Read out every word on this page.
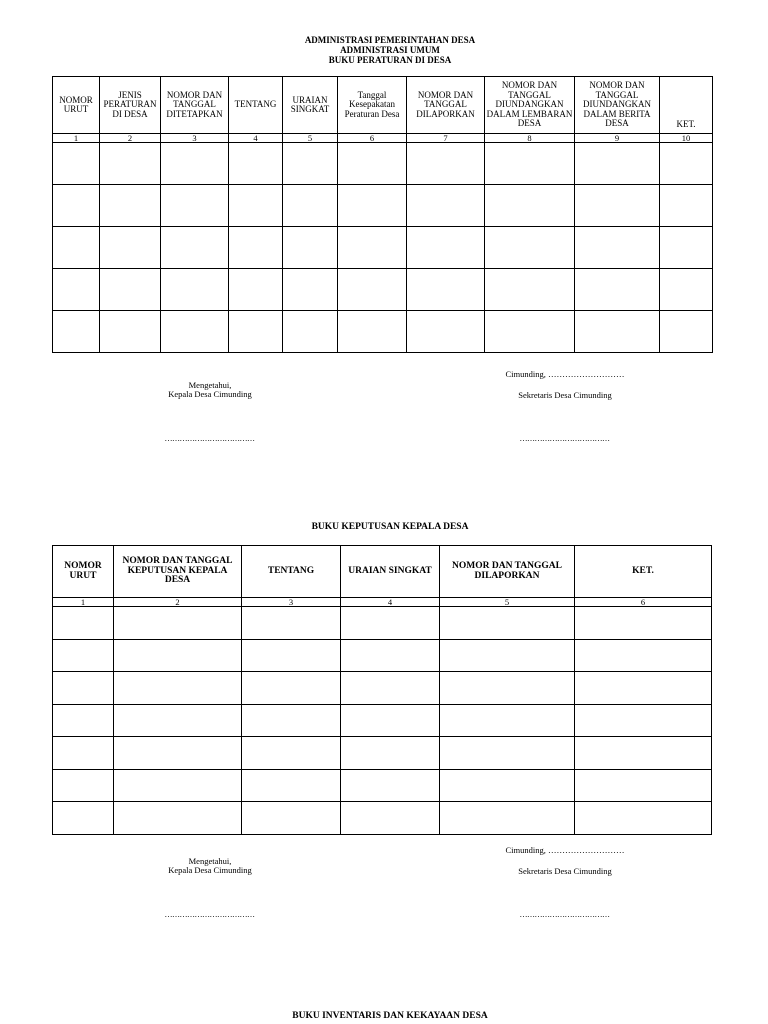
ADMINISTRASI PEMERINTAHAN DESA
ADMINISTRASI UMUM
BUKU PERATURAN DI DESA
NOMOR URUT	JENIS PERATURAN DI DESA	NOMOR DAN TANGGAL DITETAPKAN	TENTANG	URAIAN SINGKAT	Tanggal Kesepakatan Peraturan Desa	NOMOR DAN TANGGAL DILAPORKAN	NOMOR DAN TANGGAL DIUNDANGKAN DALAM LEMBARAN DESA	NOMOR DAN TANGGAL DIUNDANGKAN DALAM BERITA DESA	KET.
1	2	3	4	5	6	7	8	9	10

Cimunding, ………………………
Mengetahui,
Kepala Desa Cimunding	Sekretaris Desa Cimunding
………………………………	………………………………
BUKU KEPUTUSAN KEPALA DESA
NOMOR URUT	NOMOR DAN TANGGAL KEPUTUSAN KEPALA DESA	TENTANG	URAIAN SINGKAT	NOMOR DAN TANGGAL DILAPORKAN	KET.
1	2	3	4	5	6

Cimunding, ………………………
Mengetahui,
Kepala Desa Cimunding	Sekretaris Desa Cimunding
………………………………	………………………………
BUKU INVENTARIS DAN KEKAYAAN DESA
